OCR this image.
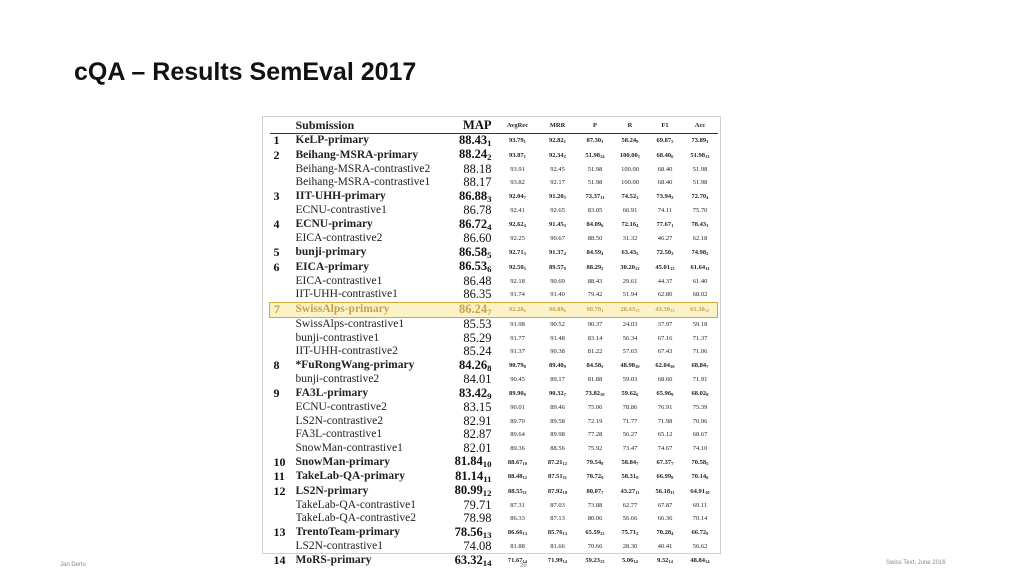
cQA – Results SemEval 2017
	Submission	MAP	AvgRec	MRR	P	R	F1	Acc
1	KeLP-primary	$88.43_1$	$93.79_1$	$92.82_1$	$87.30_3$	$58.24_9$	$69.87_5$	$73.89_3$
2	Beihang-MSRA-primary	$88.24_2$	$93.87_1$	$92.34_2$	$51.98_{14}$	$100.00_1$	$68.40_6$	$51.98_{13}$
	Beihang-MSRA-contrastive2	88.18	93.91	92.45	51.98	100.00	68.40	51.98
	Beihang-MSRA-contrastive1	88.17	93.82	92.17	51.98	100.00	68.40	51.98
3	IIT-UHH-primary	$86.88_3$	$92.04_7$	$91.20_5$	$73.37_{11}$	$74.52_3$	$73.94_2$	$72.70_4$
	ECNU-contrastive1	86.78	92.41	92.65	83.05	66.91	74.11	75.70
4	ECNU-primary	$86.72_4$	$92.62_4$	$91.45_3$	$84.09_6$	$72.16_4$	$77.67_1$	$78.43_1$
	EICA-contrastive2	86.60	92.25	90.67	88.50	31.32	46.27	62.18
5	bunji-primary	$86.58_5$	$92.71_3$	$91.37_4$	$84.59_4$	$63.43_5$	$72.50_3$	$74.98_2$
6	EICA-primary	$86.53_6$	$92.50_5$	$89.57_8$	$88.29_2$	$30.20_{12}$	$45.01_{12}$	$61.64_{11}$
	EICA-contrastive1	86.48	92.18	90.69	88.43	29.61	44.37	61.40
	IIT-UHH-contrastive1	86.35	91.74	91.40	79.42	51.94	62.80	68.02
7	SwissAlps-primary	$86.24_7$	$92.28_6$	$90.89_6$	$90.78_1$	$28.43_{13}$	$43.30_{13}$	$61.30_{12}$
	SwissAlps-contrastive1	85.53	91.98	90.52	90.37	24.03	37.97	59.18
	bunji-contrastive1	85.29	91.77	91.48	83.14	56.34	67.16	71.37
	IIT-UHH-contrastive2	85.24	91.37	90.38	81.22	57.65	67.43	71.06
8	*FuRongWang-primary	$84.26_8$	$90.79_8$	$89.40_9$	$84.58_5$	$48.98_{10}$	$62.04_{10}$	$68.84_7$
	bunji-contrastive2	84.01	90.45	89.17	81.88	59.03	68.60	71.91
9	FA3L-primary	$83.42_9$	$89.90_9$	$90.32_7$	$73.82_{10}$	$59.62_6$	$65.96_9$	$68.02_8$
	ECNU-contrastive2	83.15	90.01	89.46	75.06	78.86	76.91	75.39
	LS2N-contrastive2	82.91	89.70	89.58	72.19	71.77	71.98	70.96
	FA3L-contrastive1	82.87	89.64	89.98	77.28	56.27	65.12	68.67
	SnowMan-contrastive1	82.01	89.36	88.56	75.92	73.47	74.67	74.10
10	SnowMan-primary	$81.84_{10}$	$88.67_{10}$	$87.21_{12}$	$79.54_8$	$58.84_7$	$67.37_7$	$70.58_5$
11	TakeLab-QA-primary	$81.14_{11}$	$88.48_{12}$	$87.51_{11}$	$78.72_9$	$58.31_8$	$66.99_8$	$70.14_6$
12	LS2N-primary	$80.99_{12}$	$88.55_{11}$	$87.92_{10}$	$80.07_7$	$43.27_{11}$	$56.18_{11}$	$64.91_{10}$
	TakeLab-QA-contrastive1	79.71	87.31	87.03	73.88	62.77	67.87	69.11
	TakeLab-QA-contrastive2	78.98	86.33	87.13	80.06	56.66	66.36	70.14
13	TrentoTeam-primary	$78.56_{13}$	$86.66_{13}$	$85.76_{13}$	$65.59_{12}$	$75.71_2$	$70.28_4$	$66.72_9$
	LS2N-contrastive1	74.08	81.88	81.66	70.66	28.30	40.41	56.62
14	MoRS-primary	$63.32_{14}$	$71.67_{14}$	$71.99_{14}$	$59.23_{13}$	$5.06_{14}$	$9.32_{14}$	$48.84_{14}$
Jan Deriu	26	Swiss Text, June 2016
